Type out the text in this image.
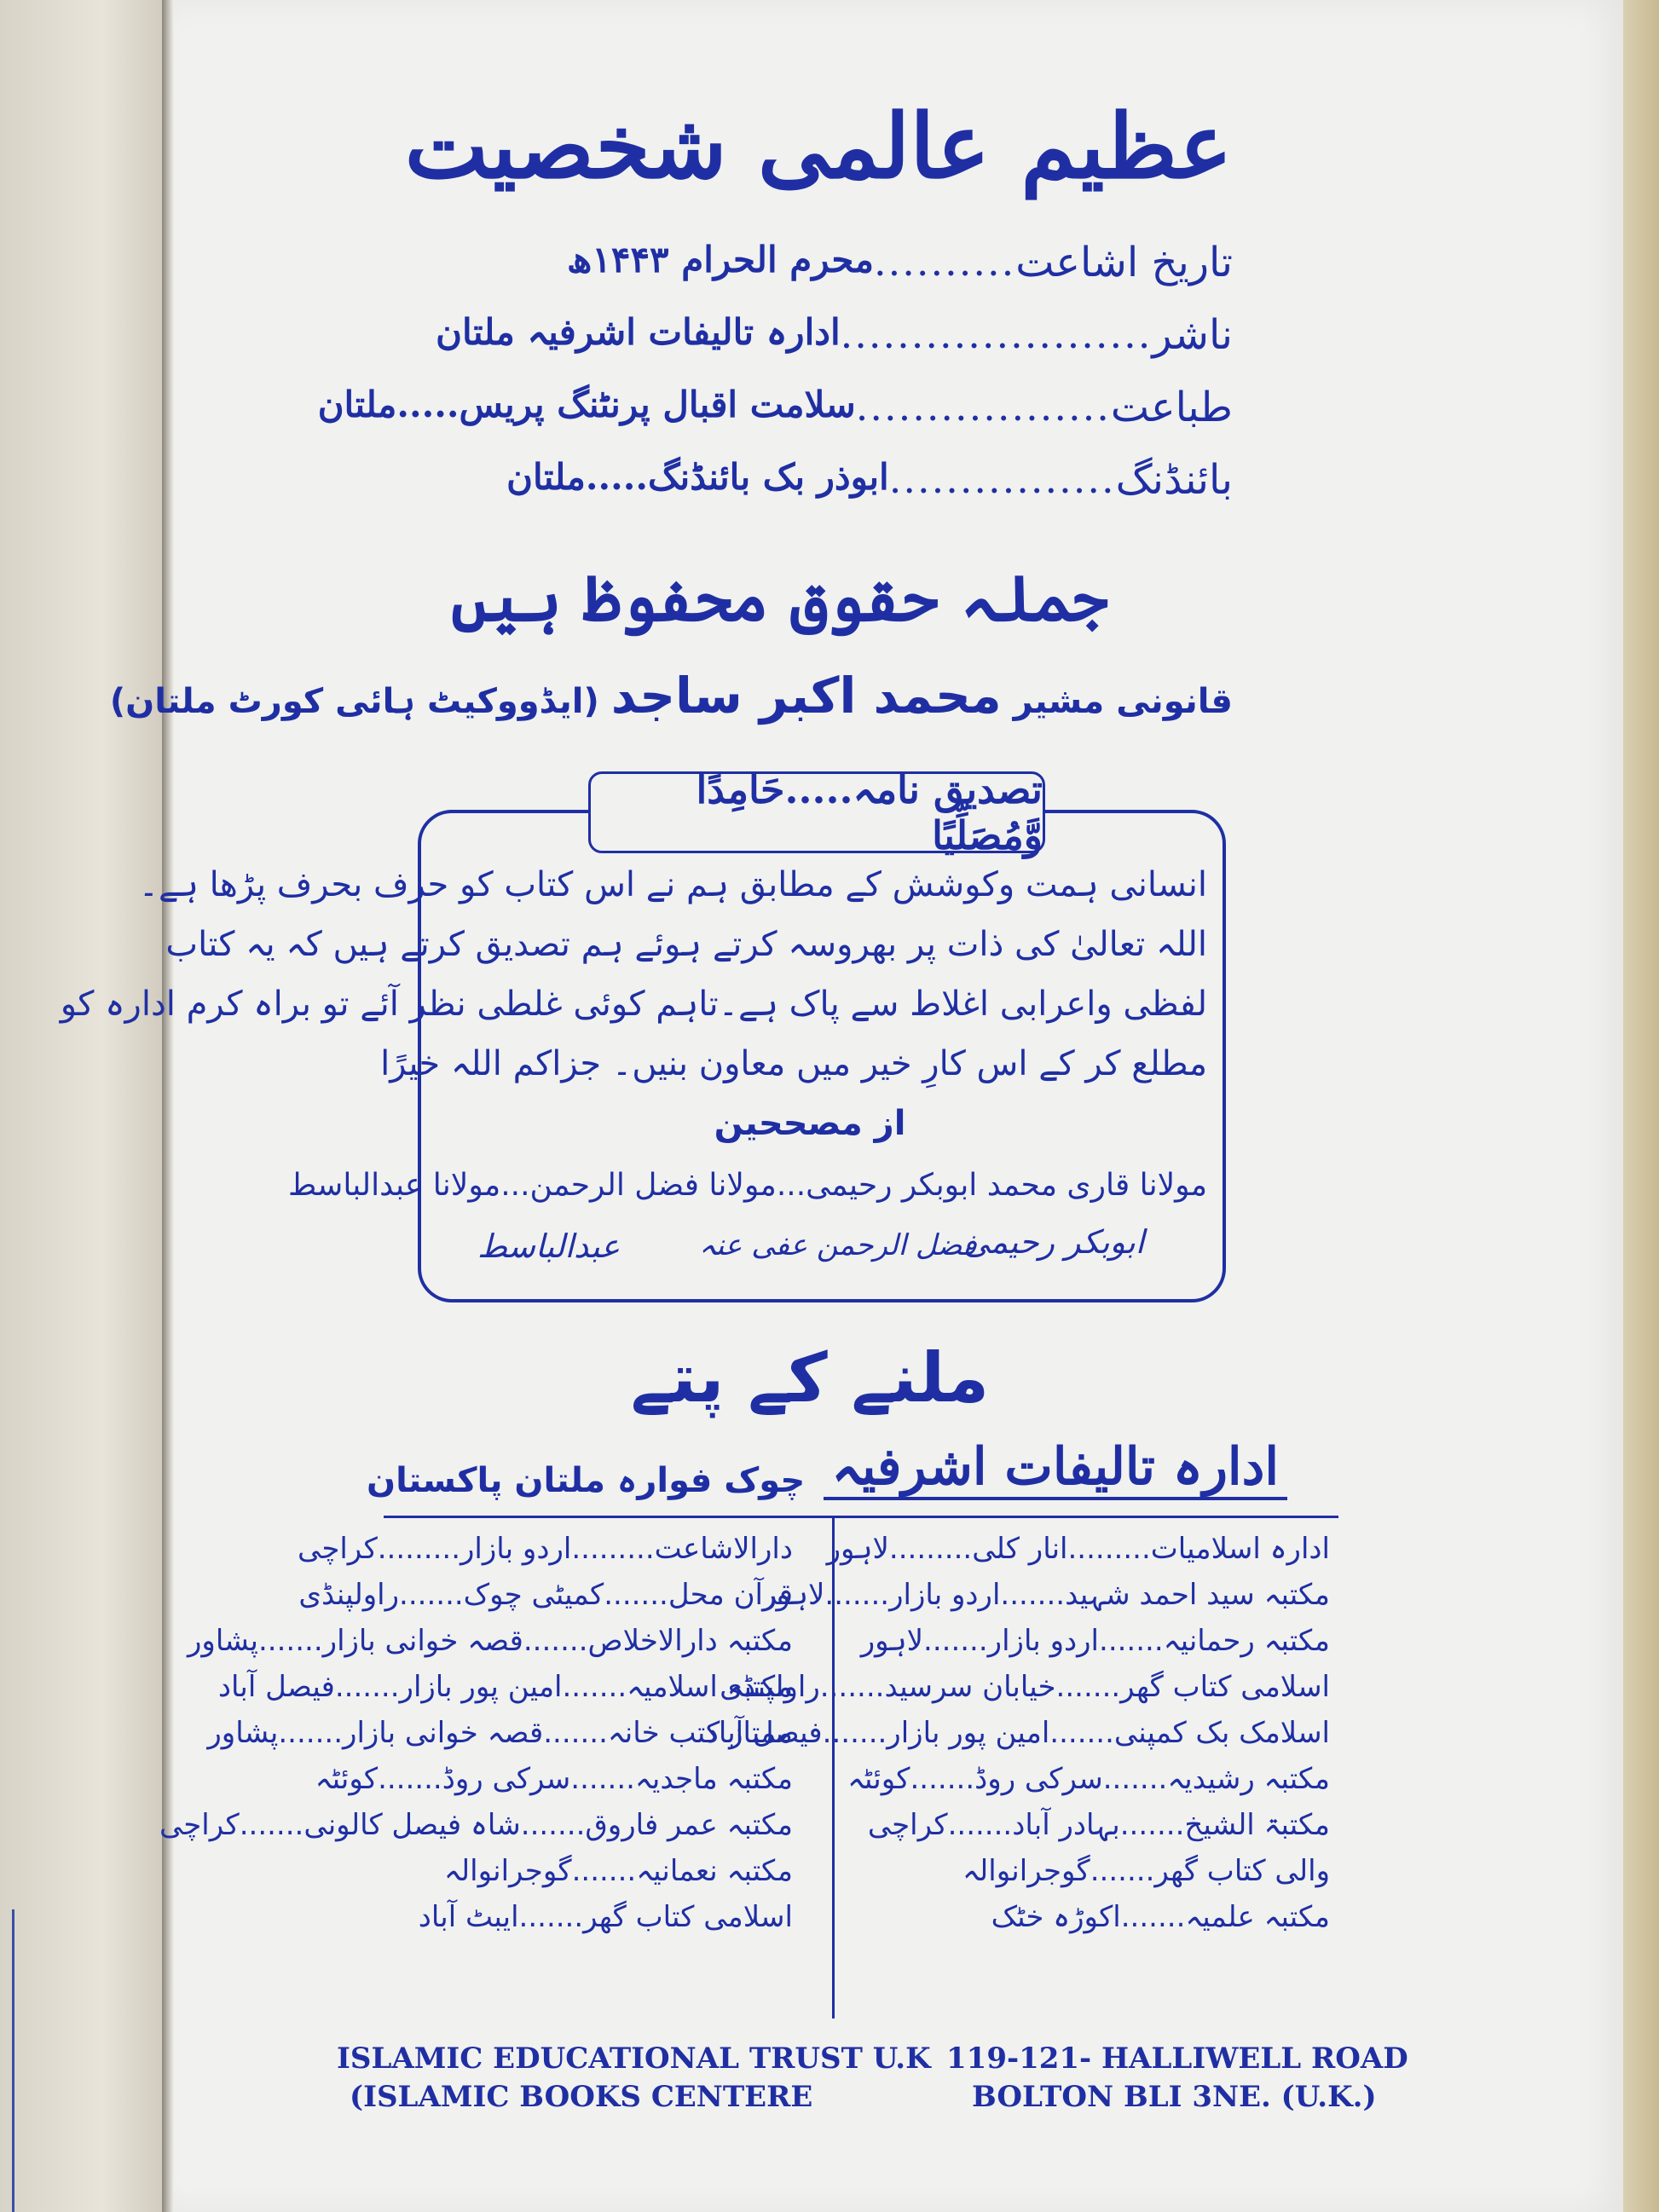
عظیم عالمی شخصیت
تاریخ اشاعت
..........
محرم الحرام ۱۴۴۳ھ
ناشر
......................
ادارہ تالیفات اشرفیہ ملتان
طباعت
..................
سلامت اقبال پرنٹنگ پریس.....ملتان
بائنڈنگ
................
ابوذر بک بائنڈنگ.....ملتان
جملہ حقوق محفوظ ہیں
قانونی مشیر محمد اکبر ساجد (ایڈووکیٹ ہائی کورٹ ملتان)
تصدیق نامہ.....حَامِدًا وَّمُصَلِّیًا
انسانی ہمت وکوشش کے مطابق ہم نے اس کتاب کو حرف بحرف پڑھا ہے۔
اللہ تعالیٰ کی ذات پر بھروسہ کرتے ہوئے ہم تصدیق کرتے ہیں کہ یہ کتاب
لفظی واعرابی اغلاط سے پاک ہے۔تاہم کوئی غلطی نظر آئے تو براہ کرم ادارہ کو
مطلع کر کے اس کارِ خیر میں معاون بنیں۔ جزاکم اللہ خیرًا
از مصححین
مولانا قاری محمد ابوبکر رحیمی...مولانا فضل الرحمن...مولانا عبدالباسط
عبدالباسط	فضل الرحمن عفی عنہ
ابوبکر رحیمی
ملنے کے پتے
ادارہ تالیفات اشرفیہ
چوک فوارہ ملتان پاکستان
ادارہ اسلامیات.........انار کلی.........لاہور
مکتبہ سید احمد شہید.......اردو بازار.......لاہور
مکتبہ رحمانیہ.......اردو بازار.......لاہور
اسلامی کتاب گھر.......خیابان سرسید.......راولپنڈی
اسلامک بک کمپنی.......امین پور بازار.......فیصل آباد
مکتبہ رشیدیہ.......سرکی روڈ.......کوئٹہ
مکتبۃ الشیخ.......بہادر آباد.......کراچی
والی کتاب گھر.......گوجرانوالہ
مکتبہ علمیہ.......اکوڑہ خٹک
دارالاشاعت.........اردو بازار.........کراچی
قرآن محل.......کمیٹی چوک.......راولپنڈی
مکتبہ دارالاخلاص.......قصہ خوانی بازار.......پشاور
مکتبہ اسلامیہ.......امین پور بازار.......فیصل آباد
ممتاز کتب خانہ.......قصہ خوانی بازار.......پشاور
مکتبہ ماجدیہ.......سرکی روڈ.......کوئٹہ
مکتبہ عمر فاروق.......شاہ فیصل کالونی.......کراچی
مکتبہ نعمانیہ.......گوجرانوالہ
اسلامی کتاب گھر.......ایبٹ آباد
ISLAMIC EDUCATIONAL TRUST U.K
(ISLAMIC BOOKS CENTERE
119-121- HALLIWELL ROAD
BOLTON BLI 3NE. (U.K.)
